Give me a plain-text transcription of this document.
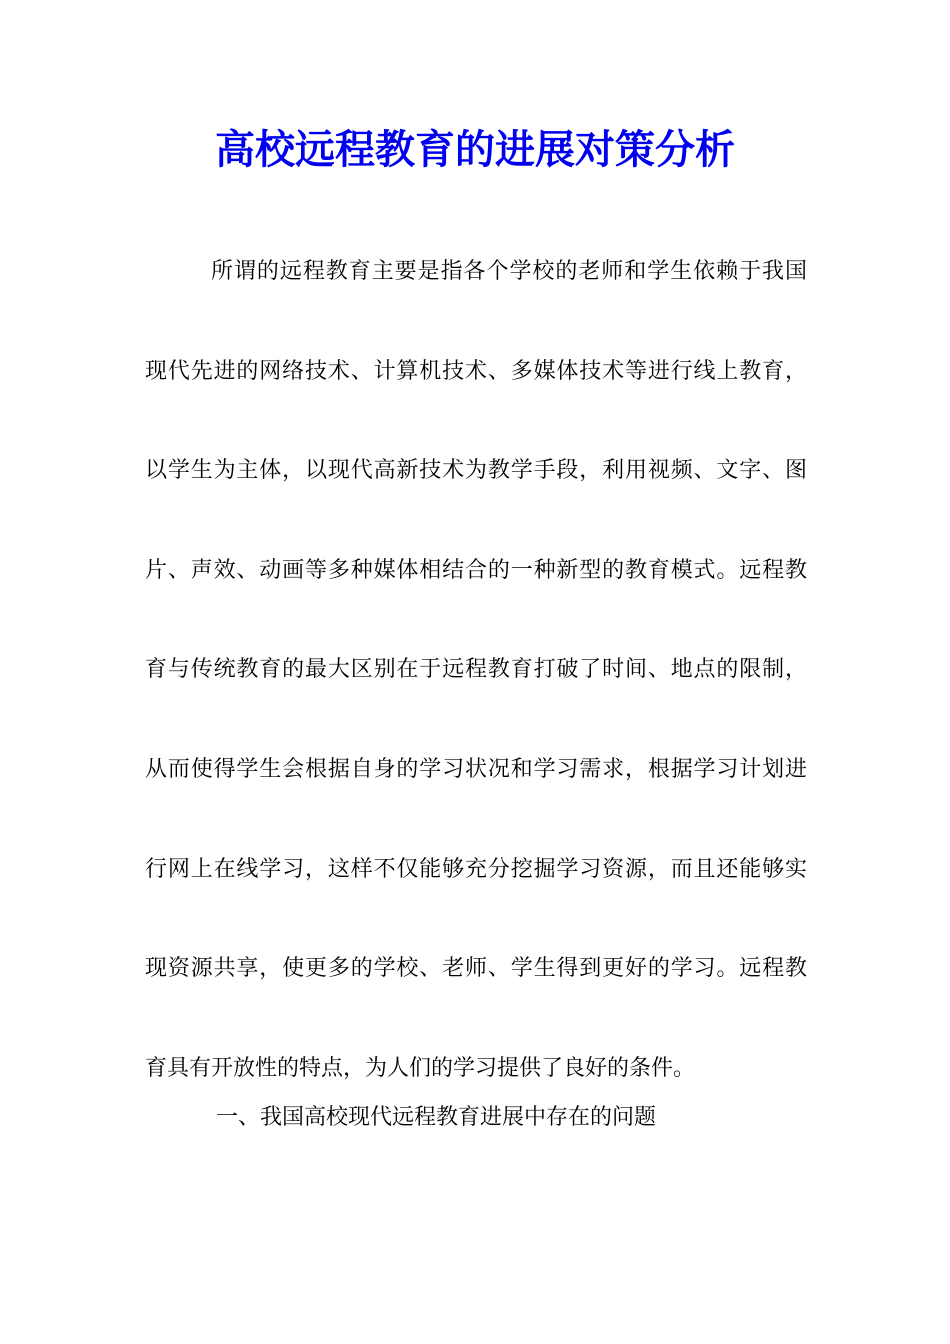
高校远程教育的进展对策分析
所谓的远程教育主要是指各个学校的老师和学生依赖于我国
现代先进的网络技术、计算机技术、多媒体技术等进行线上教育，
以学生为主体，以现代高新技术为教学手段，利用视频、文字、图
片、声效、动画等多种媒体相结合的一种新型的教育模式。远程教
育与传统教育的最大区别在于远程教育打破了时间、地点的限制，
从而使得学生会根据自身的学习状况和学习需求，根据学习计划进
行网上在线学习，这样不仅能够充分挖掘学习资源，而且还能够实
现资源共享，使更多的学校、老师、学生得到更好的学习。远程教
育具有开放性的特点，为人们的学习提供了良好的条件。

一、我国高校现代远程教育进展中存在的问题
